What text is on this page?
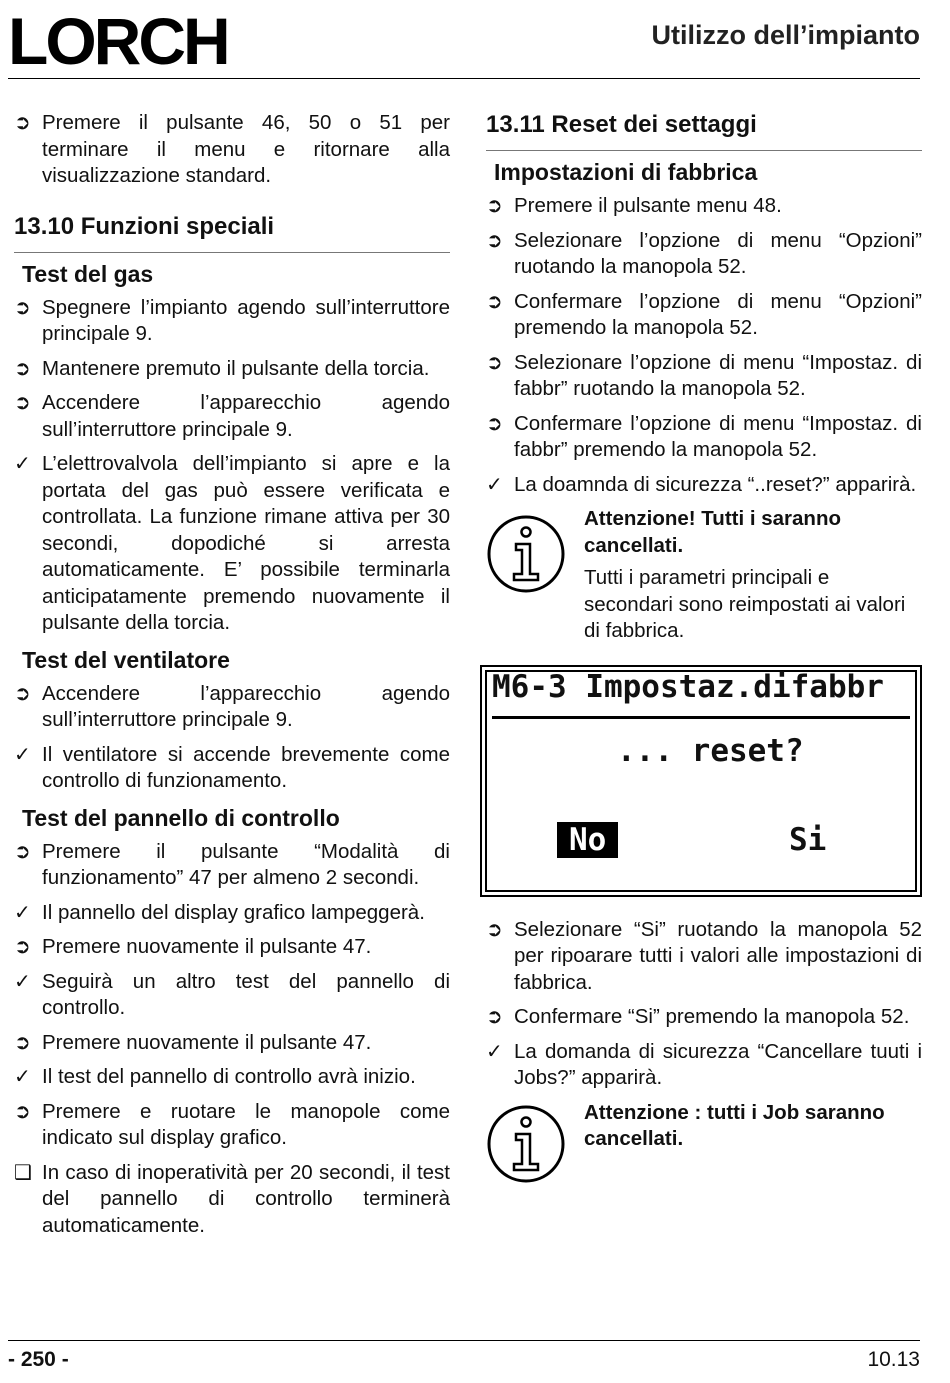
LORCH	Utilizzo dell’impianto
➲ Premere il pulsante 46, 50 o 51 per terminare il menu e ritornare alla visualizzazione standard.
13.10 Funzioni speciali
Test del gas
➲ Spegnere l’impianto agendo sull’interruttore principale 9.
➲ Mantenere premuto il pulsante della torcia.
➲ Accendere l’apparecchio agendo sull’interruttore principale 9.
✓ L’elettrovalvola dell’impianto si apre e la portata del gas può essere verificata e controllata. La funzione rimane attiva per 30 secondi, dopodiché si arresta automaticamente. E’ possibile terminarla anticipatamente premendo nuovamente il pulsante della torcia.
Test del ventilatore
➲ Accendere l’apparecchio agendo sull’interruttore principale 9.
✓ Il ventilatore si accende brevemente come controllo di funzionamento.
Test del pannello di controllo
➲ Premere il pulsante “Modalità di funzionamento” 47 per almeno 2 secondi.
✓ Il pannello del display grafico lampeggerà.
➲ Premere nuovamente il pulsante 47.
✓ Seguirà un altro test del pannello di controllo.
➲ Premere nuovamente il pulsante 47.
✓ Il test del pannello di controllo avrà inizio.
➲ Premere e ruotare le manopole come indicato sul display grafico.
❑ In caso di inoperatività per 20 secondi, il test del pannello di controllo terminerà automaticamente.
13.11 Reset dei settaggi
Impostazioni di fabbrica
➲ Premere il pulsante menu 48.
➲ Selezionare l’opzione di menu “Opzioni” ruotando la manopola 52.
➲ Confermare l’opzione di menu “Opzioni” premendo la manopola 52.
➲ Selezionare l’opzione di menu “Impostaz. di fabbr” ruotando la manopola 52.
➲ Confermare l’opzione di menu “Impostaz. di fabbr” premendo la manopola 52.
✓ La doamnda di sicurezza “..reset?” apparirà.
Attenzione! Tutti i saranno cancellati.
Tutti i parametri principali e secondari sono reimpostati ai valori di fabbrica.
M6-3 Impostaz.difabbr
... reset?
No	Si
➲ Selezionare “Si” ruotando la manopola 52 per ripoarare tutti i valori alle impostazioni di fabbrica.
➲ Confermare “Si” premendo la manopola 52.
✓ La domanda di sicurezza “Cancellare tuuti i Jobs?” apparirà.
Attenzione : tutti i Job saranno cancellati.
- 250 -	10.13
